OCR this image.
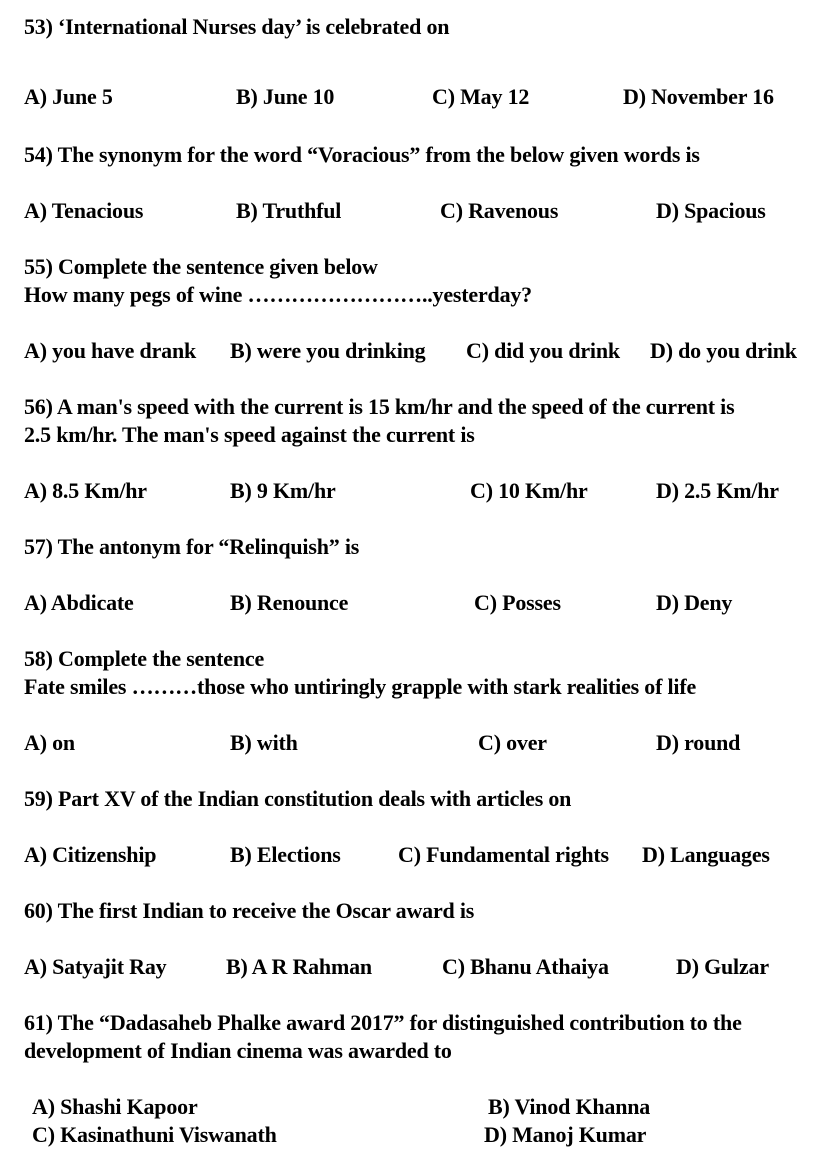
53) ‘International Nurses day’ is celebrated on
A) June 5	B) June 10	C) May 12	D) November 16
54) The synonym for the word “Voracious” from the below given words is
A) Tenacious	B) Truthful	C) Ravenous	D) Spacious
55) Complete the sentence given below
How many pegs of wine ……………………..yesterday?
A) you have drank B) were you drinking C) did you drink D) do you drink
56) A man's speed with the current is 15 km/hr and the speed of the current is
2.5 km/hr. The man's speed against the current is
A) 8.5 Km/hr	B) 9 Km/hr	C) 10 Km/hr	D) 2.5 Km/hr
57) The antonym for “Relinquish” is
A) Abdicate	B) Renounce	C) Posses	D) Deny
58) Complete the sentence
Fate smiles ………those who untiringly grapple with stark realities of life
A) on	B) with	C) over	D) round
59) Part XV of the Indian constitution deals with articles on
A) Citizenship	B) Elections	C) Fundamental rights D) Languages
60) The first Indian to receive the Oscar award is
A) Satyajit Ray	B) A R Rahman	C) Bhanu Athaiya	D) Gulzar
61) The “Dadasaheb Phalke award 2017” for distinguished contribution to the
development of Indian cinema was awarded to
A) Shashi Kapoor	B) Vinod Khanna
C) Kasinathuni Viswanath	D) Manoj Kumar
